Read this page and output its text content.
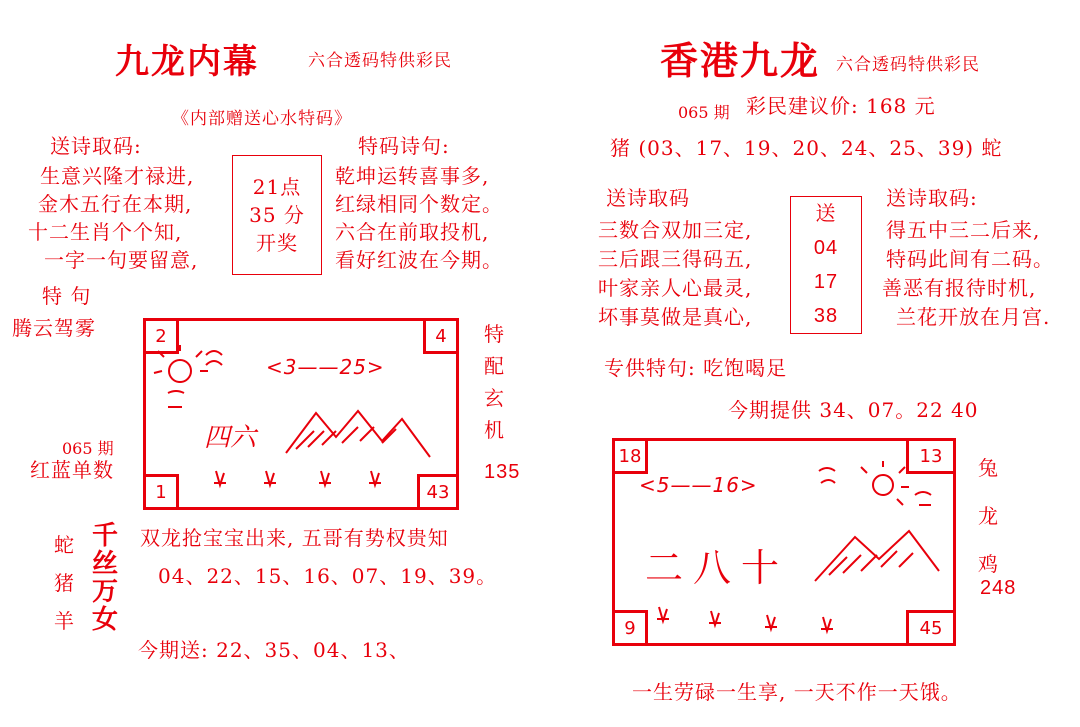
九龙内幕	六合透码特供彩民
《内部赠送心水特码》
送诗取码:
生意兴隆才禄进,
金木五行在本期,
十二生肖个个知,
一字一句要留意,
21点
35 分
开奖
特码诗句:
乾坤运转喜事多,
红绿相同个数定。
六合在前取投机,
看好红波在今期。
特 句
腾云驾雾
065 期
红蓝单数
2	4
1	43
<3——25>
四六
特
配
玄
机
135
蛇
猪
羊
千丝万女
双龙抢宝宝出来, 五哥有势权贵知
04、22、15、16、07、19、39。
今期送: 22、35、04、13、
香港九龙 六合透码特供彩民
065 期 彩民建议价: 168 元
猪 (03、17、19、20、24、25、39) 蛇
送诗取码
三数合双加三定,
三后跟三得码五,
叶家亲人心最灵,
坏事莫做是真心,
送
04
17
38
送诗取码:
得五中三二后来,
特码此间有二码。
善恶有报待时机,
兰花开放在月宫.
专供特句: 吃饱喝足
今期提供 34、07。22 40
18	13
9	45
<5——16>
二八十
兔
龙
鸡
248
一生劳碌一生享, 一天不作一天饿。
